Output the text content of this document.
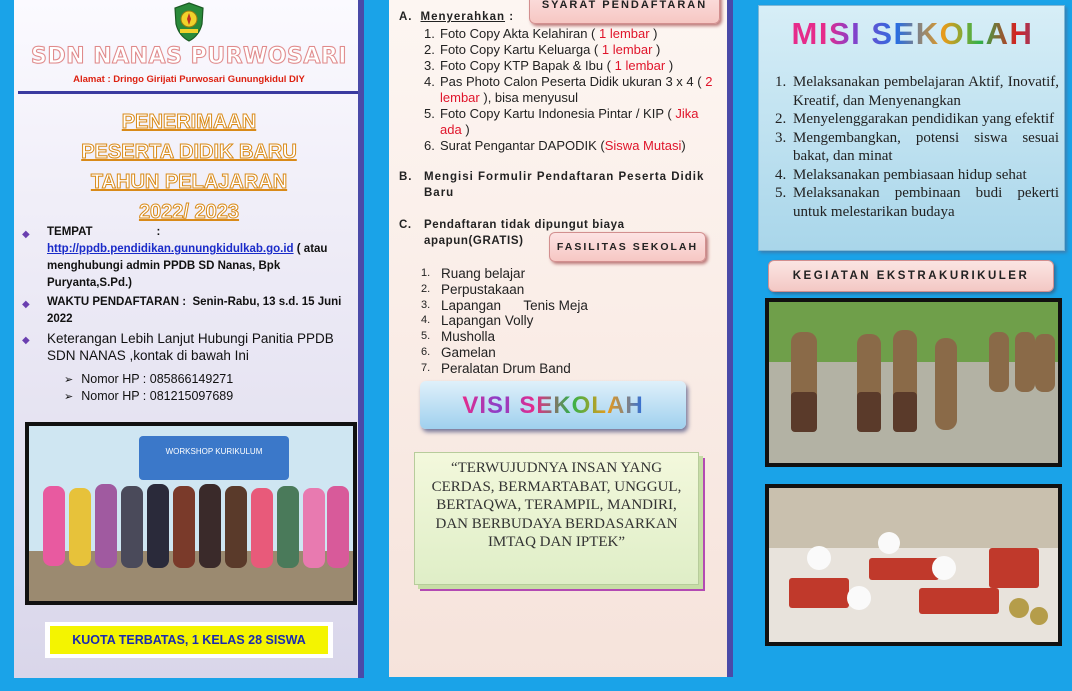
SDN NANAS PURWOSARI
Alamat : Dringo Girijati Purwosari Gunungkidul DIY
PENERIMAAN
PESERTA DIDIK BARU
TAHUN PELAJARAN
2022/ 2023
◆ TEMPAT                    :
http://ppdb.pendidikan.gunungkidulkab.go.id ( atau menghubungi admin PPDB SD Nanas, Bpk Puryanta,S.Pd.)
◆ WAKTU PENDAFTARAN :  Senin-Rabu, 13 s.d. 15 Juni 2022
◆ Keterangan Lebih Lanjut Hubungi Panitia PPDB SDN NANAS ,kontak di bawah Ini
➢ Nomor HP : 085866149271
➢ Nomor HP : 081215097689
WORKSHOP KURIKULUM
KUOTA TERBATAS, 1 KELAS 28 SISWA
SYARAT PENDAFTARAN
A. Menyerahkan :
Foto Copy Akta Kelahiran ( 1 lembar )
Foto Copy Kartu Keluarga ( 1 lembar )
Foto Copy KTP Bapak & Ibu ( 1 lembar )
Pas Photo Calon Peserta Didik ukuran 3 x 4 ( 2 lembar ), bisa menyusul
Foto Copy Kartu Indonesia Pintar / KIP ( Jika ada )
Surat Pengantar DAPODIK (Siswa Mutasi)
B. Mengisi Formulir Pendaftaran Peserta Didik Baru
C. Pendaftaran tidak dipungut biaya apapun(GRATIS)	FASILITAS SEKOLAH
Ruang belajar
Perpustakaan
Lapangan      Tenis Meja
Lapangan Volly
Musholla
Gamelan
Peralatan Drum Band
VISI SEKOLAH

“TERWUJUDNYA INSAN YANG CERDAS, BERMARTABAT, UNGGUL, BERTAQWA, TERAMPIL, MANDIRI, DAN BERBUDAYA BERDASARKAN IMTAQ DAN IPTEK”

MISI SEKOLAH
Melaksanakan pembelajaran Aktif, Inovatif, Kreatif, dan Menyenangkan
Menyelenggarakan pendidikan yang efektif
Mengembangkan, potensi siswa sesuai bakat, dan minat
Melaksanakan pembiasaan hidup sehat
Melaksanakan pembinaan budi pekerti untuk melestarikan budaya
KEGIATAN EKSTRAKURIKULER
